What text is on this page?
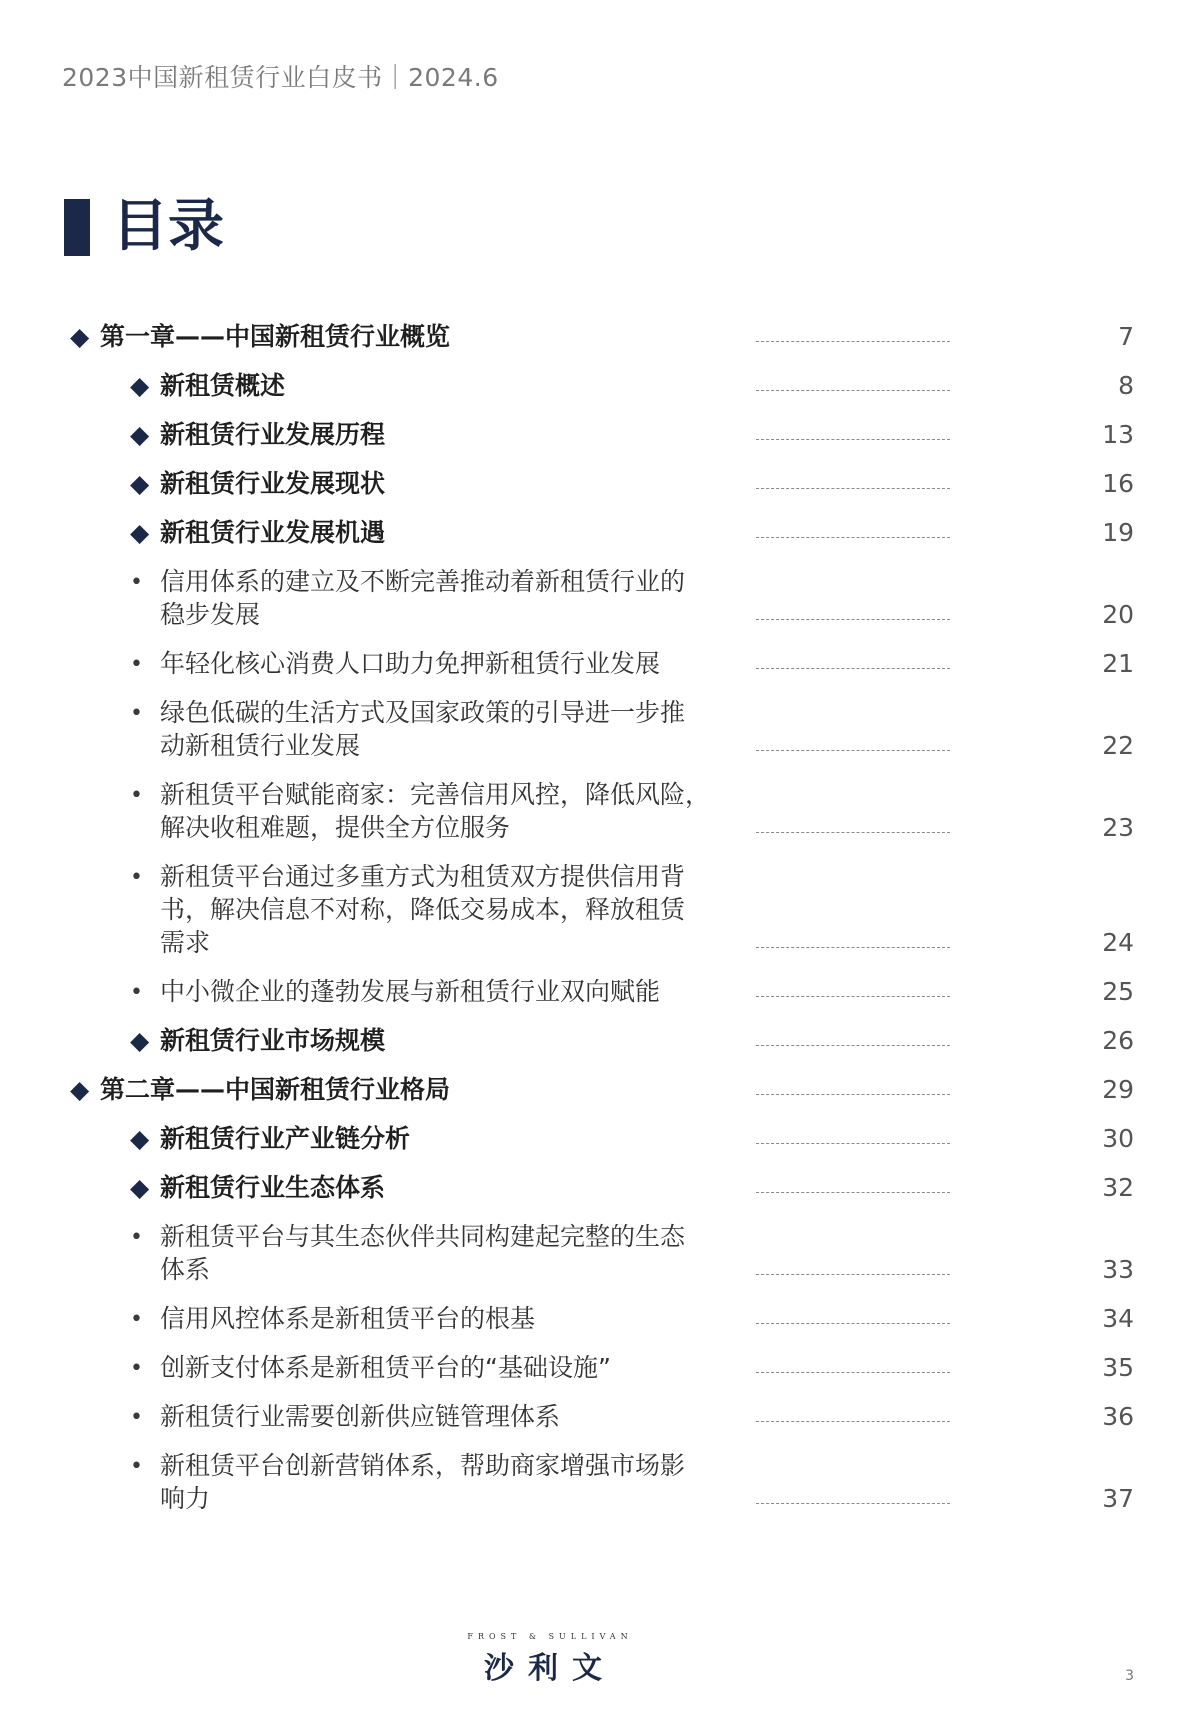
2023中国新租赁行业白皮书｜2024.6
目录
◆ 第一章——中国新租赁行业概览	7
◆ 新租赁概述	8
◆ 新租赁行业发展历程	13
◆ 新租赁行业发展现状	16
◆ 新租赁行业发展机遇	19
• 信用体系的建立及不断完善推动着新租赁行业的
稳步发展	20
• 年轻化核心消费人口助力免押新租赁行业发展	21
• 绿色低碳的生活方式及国家政策的引导进一步推
动新租赁行业发展	22
• 新租赁平台赋能商家：完善信用风控，降低风险，
解决收租难题，提供全方位服务	23
• 新租赁平台通过多重方式为租赁双方提供信用背
书，解决信息不对称，降低交易成本，释放租赁
需求	24
• 中小微企业的蓬勃发展与新租赁行业双向赋能	25
◆ 新租赁行业市场规模	26
◆ 第二章——中国新租赁行业格局	29
◆ 新租赁行业产业链分析	30
◆ 新租赁行业生态体系	32
• 新租赁平台与其生态伙伴共同构建起完整的生态
体系	33
• 信用风控体系是新租赁平台的根基	34
• 创新支付体系是新租赁平台的“基础设施”	35
• 新租赁行业需要创新供应链管理体系	36
• 新租赁平台创新营销体系，帮助商家增强市场影
响力	37
FROST & SULLIVAN
沙利文	3
